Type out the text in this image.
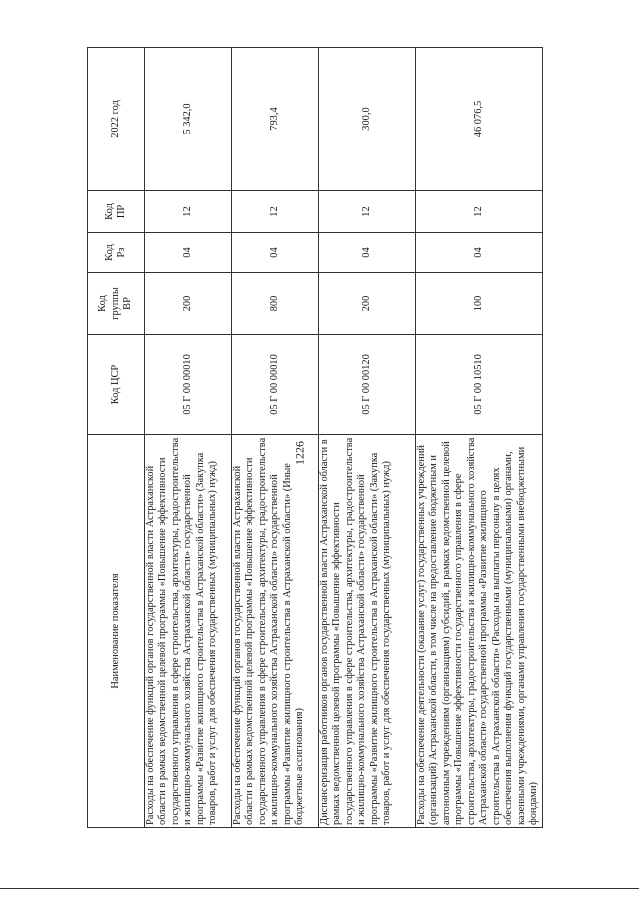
1226
Наименование показателя	Код ЦСР	Код группы ВР	Код Рз	Код ПР	2022 год
Расходы на обеспечение функций органов государственной власти Астраханской области в рамках ведомственной целевой программы «Повышение эффективности государственного управления в сфере строительства, архитектуры, градостроительства и жилищно-коммунального хозяйства Астраханской области» государственной программы «Развитие жилищного строительства в Астраханской области» (Закупка товаров, работ и услуг для обеспечения государственных (муниципальных) нужд)	05 Г 00 00010	200	04	12	5 342,0
Расходы на обеспечение функций органов государственной власти Астраханской области в рамках ведомственной целевой программы «Повышение эффективности государственного управления в сфере строительства, архитектуры, градостроительства и жилищно-коммунального хозяйства Астраханской области» государственной программы «Развитие жилищного строительства в Астраханской области» (Иные бюджетные ассигнования)	05 Г 00 00010	800	04	12	793,4
Диспансеризация работников органов государственной власти Астраханской области в рамках ведомственной целевой программы «Повышение эффективности государственного управления в сфере строительства, архитектуры, градостроительства и жилищно-коммунального хозяйства Астраханской области» государственной программы «Развитие жилищного строительства в Астраханской области» (Закупка товаров, работ и услуг для обеспечения государственных (муниципальных) нужд)	05 Г 00 00120	200	04	12	300,0
Расходы на обеспечение деятельности (оказание услуг) государственных учреждений (организаций) Астраханской области, в том числе на предоставление бюджетным и автономным учреждениям (организациям) субсидий, в рамках ведомственной целевой программы «Повышение эффективности государственного управления в сфере строительства, архитектуры, градостроительства и жилищно-коммунального хозяйства Астраханской области» государственной программы «Развитие жилищного строительства в Астраханской области» (Расходы на выплаты персоналу в целях обеспечения выполнения функций государственными (муниципальными) органами, казенными учреждениями, органами управления государственными внебюджетными фондами)	05 Г 00 10510	100	04	12	46 076,5
